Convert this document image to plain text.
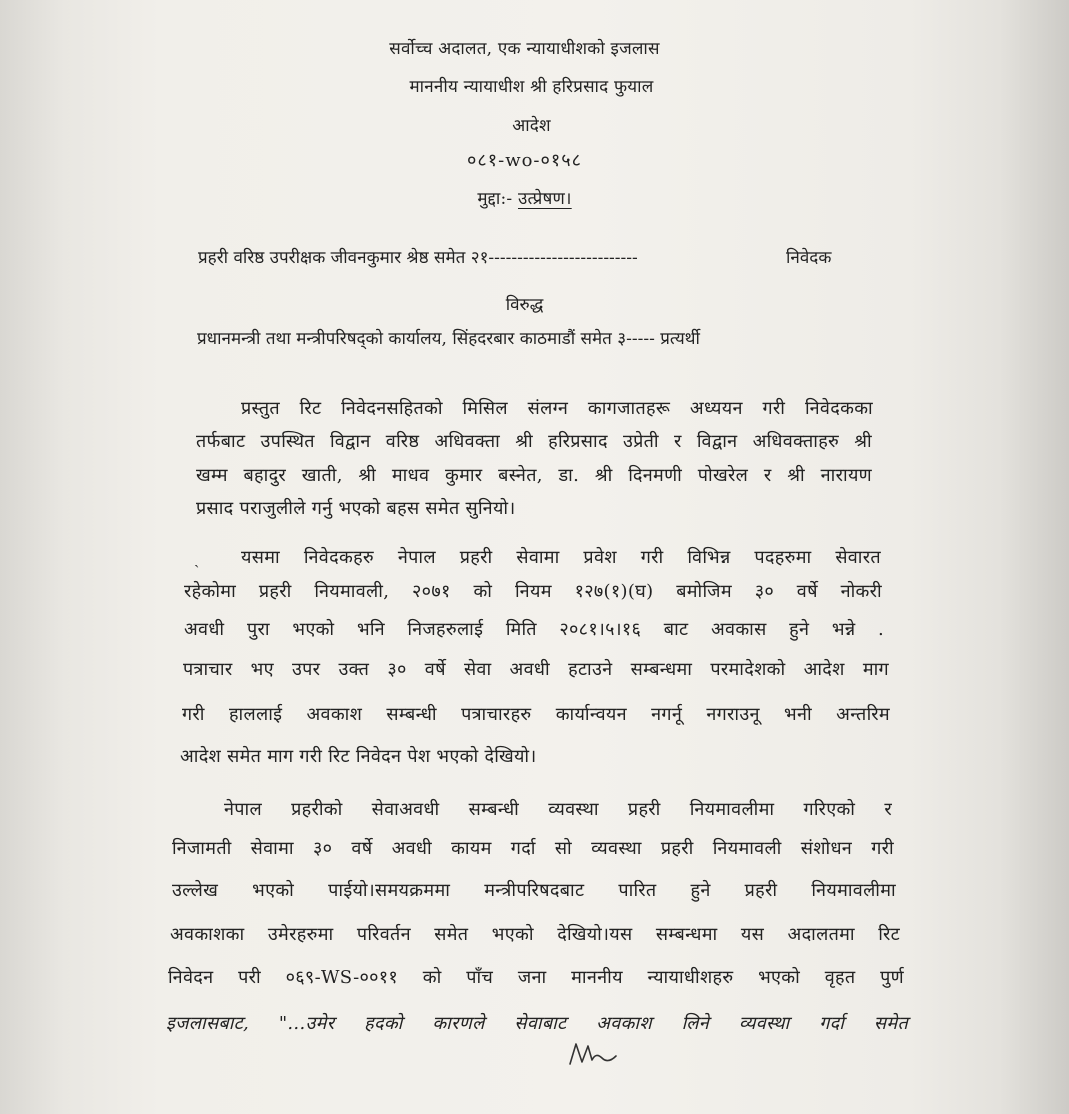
सर्वोच्च अदालत, एक न्यायाधीशको इजलास
माननीय न्यायाधीश श्री हरिप्रसाद फुयाल
आदेश
०८१-wo-०१५८
मुद्दा:- उत्प्रेषण।
प्रहरी वरिष्ठ उपरीक्षक जीवनकुमार श्रेष्ठ समेत २१--------------------------	निवेदक
विरुद्ध
प्रधानमन्त्री तथा मन्त्रीपरिषद्‌को कार्यालय, सिंहदरबार काठमाडौं समेत ३----- प्रत्यर्थी
प्रस्तुत रिट निवेदनसहितको मिसिल संलग्न कागजातहरू अध्ययन गरी निवेदकका
तर्फबाट उपस्थित विद्वान वरिष्ठ अधिवक्ता श्री हरिप्रसाद उप्रेती र विद्वान अधिवक्ताहरु श्री
खम्म बहादुर खाती, श्री माधव कुमार बस्नेत, डा. श्री दिनमणी पोखरेल र श्री नारायण
प्रसाद पराजुलीले गर्नु भएको बहस समेत सुनियो।
ˎ यसमा निवेदकहरु नेपाल प्रहरी सेवामा प्रवेश गरी विभिन्न पदहरुमा सेवारत
रहेकोमा प्रहरी नियमावली, २०७१ को नियम १२७(१)(घ) बमोजिम ३० वर्षे नोकरी
अवधी पुरा भएको भनि निजहरुलाई मिति २०८१।५।१६ बाट अवकास हुने भन्ने .
पत्राचार भए उपर उक्त ३० वर्षे सेवा अवधी हटाउने सम्बन्धमा परमादेशको आदेश माग
गरी हाललाई अवकाश सम्बन्धी पत्राचारहरु कार्यान्वयन नगर्नू नगराउनू भनी अन्तरिम
आदेश समेत माग गरी रिट निवेदन पेश भएको देखियो।
नेपाल प्रहरीको सेवाअवधी सम्बन्धी व्यवस्था प्रहरी नियमावलीमा गरिएको र
निजामती सेवामा ३० वर्षे अवधी कायम गर्दा सो व्यवस्था प्रहरी नियमावली संशोधन गरी
उल्लेख भएको पाईयो।समयक्रममा मन्त्रीपरिषदबाट पारित हुने प्रहरी नियमावलीमा
अवकाशका उमेरहरुमा परिवर्तन समेत भएको देखियो।यस सम्बन्धमा यस अदालतमा रिट
निवेदन परी ०६९-WS-००११ को पाँच जना माननीय न्यायाधीशहरु भएको वृहत पुर्ण
इजलासबाट, "...उमेर हदको कारणले सेवाबाट अवकाश लिने व्यवस्था गर्दा समेत
